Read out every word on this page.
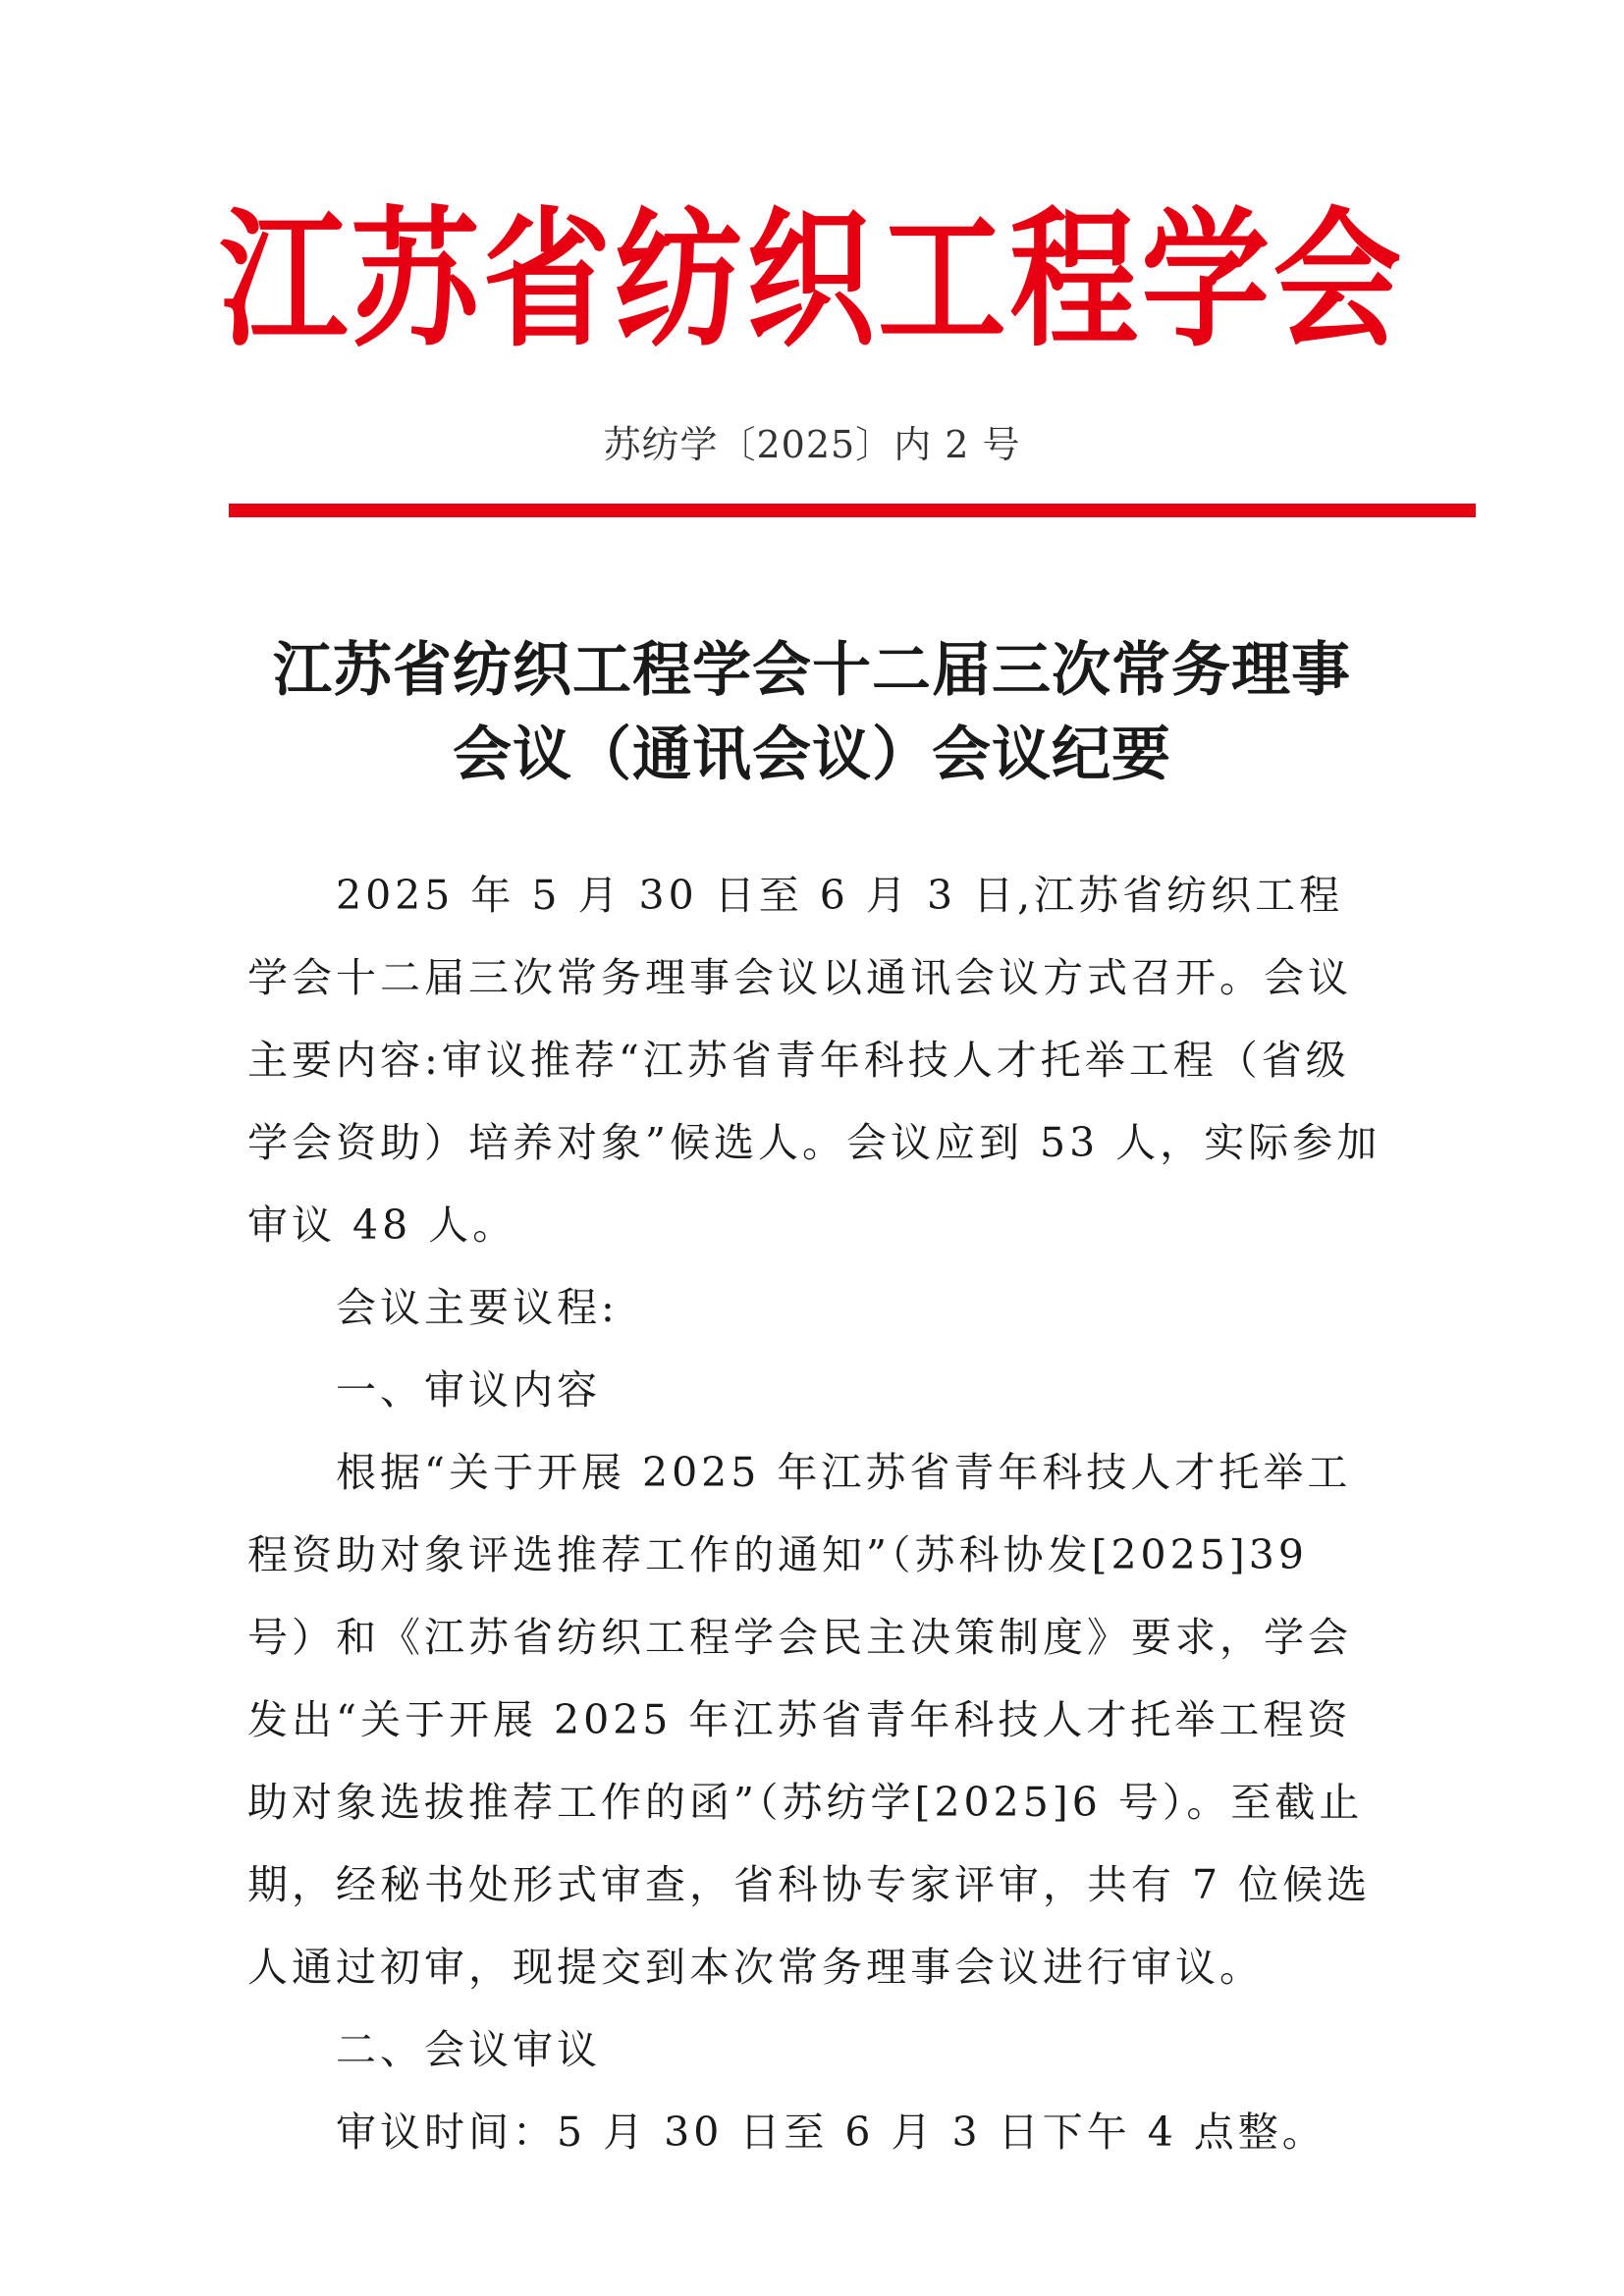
江苏省纺织工程学会
苏纺学〔2025〕内 2 号
江苏省纺织工程学会十二届三次常务理事
会议（通讯会议）会议纪要

2025 年 5 月 30 日至 6 月 3 日,江苏省纺织工程学会十二届三次常务理事会议以通讯会议方式召开。会议主要内容:审议推荐“江苏省青年科技人才托举工程（省级学会资助）培养对象”候选人。会议应到 53 人，实际参加审议 48 人。

会议主要议程:

一、审议内容

根据“关于开展 2025 年江苏省青年科技人才托举工程资助对象评选推荐工作的通知”（苏科协发[2025]39 号）和《江苏省纺织工程学会民主决策制度》要求，学会发出“关于开展 2025 年江苏省青年科技人才托举工程资助对象选拔推荐工作的函”（苏纺学[2025]6 号）。至截止期，经秘书处形式审查，省科协专家评审，共有 7 位候选人通过初审，现提交到本次常务理事会议进行审议。

二、会议审议

审议时间：5 月 30 日至 6 月 3 日下午 4 点整。
